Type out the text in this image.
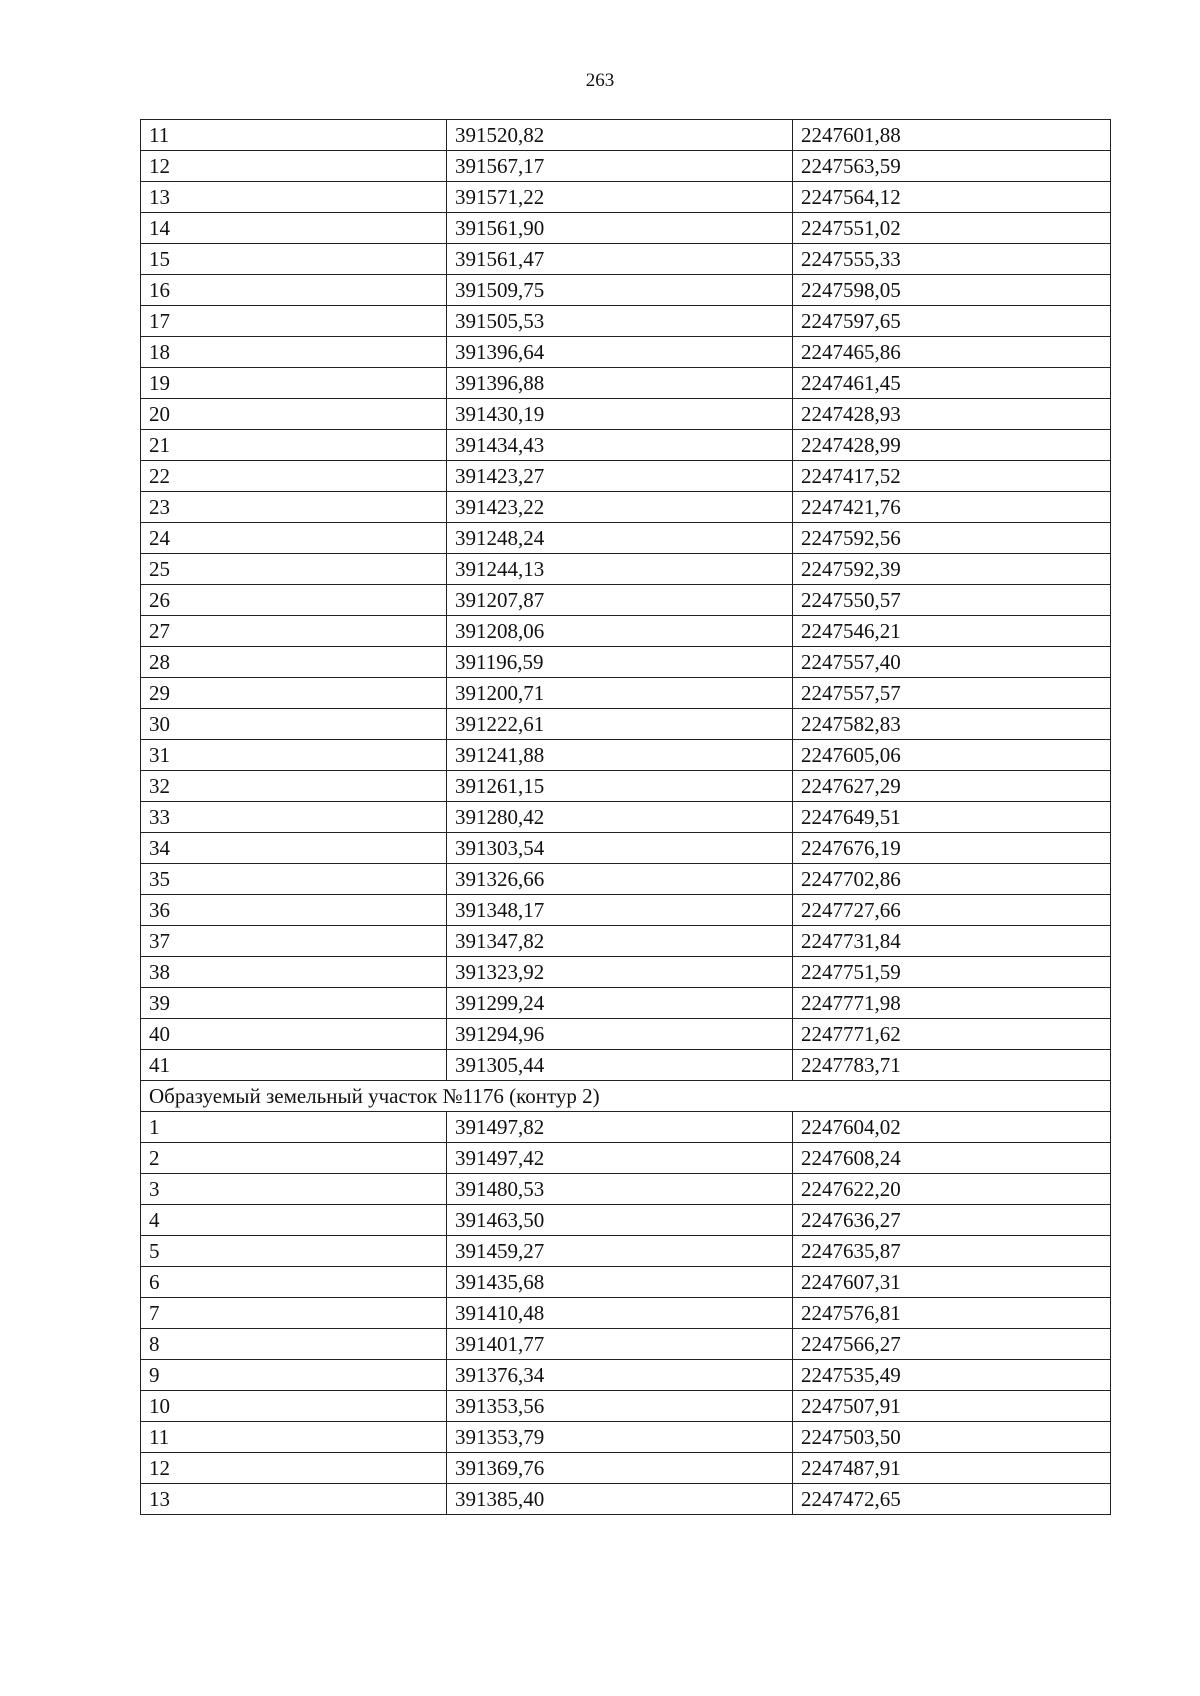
263
11	391520,82	2247601,88
12	391567,17	2247563,59
13	391571,22	2247564,12
14	391561,90	2247551,02
15	391561,47	2247555,33
16	391509,75	2247598,05
17	391505,53	2247597,65
18	391396,64	2247465,86
19	391396,88	2247461,45
20	391430,19	2247428,93
21	391434,43	2247428,99
22	391423,27	2247417,52
23	391423,22	2247421,76
24	391248,24	2247592,56
25	391244,13	2247592,39
26	391207,87	2247550,57
27	391208,06	2247546,21
28	391196,59	2247557,40
29	391200,71	2247557,57
30	391222,61	2247582,83
31	391241,88	2247605,06
32	391261,15	2247627,29
33	391280,42	2247649,51
34	391303,54	2247676,19
35	391326,66	2247702,86
36	391348,17	2247727,66
37	391347,82	2247731,84
38	391323,92	2247751,59
39	391299,24	2247771,98
40	391294,96	2247771,62
41	391305,44	2247783,71
Образуемый земельный участок №1176 (контур 2)		
1	391497,82	2247604,02
2	391497,42	2247608,24
3	391480,53	2247622,20
4	391463,50	2247636,27
5	391459,27	2247635,87
6	391435,68	2247607,31
7	391410,48	2247576,81
8	391401,77	2247566,27
9	391376,34	2247535,49
10	391353,56	2247507,91
11	391353,79	2247503,50
12	391369,76	2247487,91
13	391385,40	2247472,65
